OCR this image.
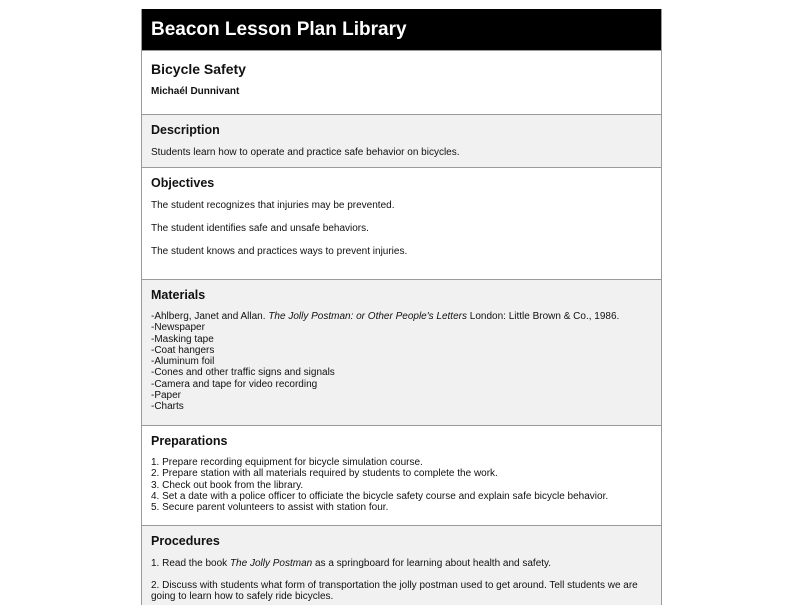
Beacon Lesson Plan Library
Bicycle Safety
Michaél Dunnivant
Description
Students learn how to operate and practice safe behavior on bicycles.
Objectives
The student recognizes that injuries may be prevented.
The student identifies safe and unsafe behaviors.
The student knows and practices ways to prevent injuries.
Materials
-Ahlberg, Janet and Allan. The Jolly Postman: or Other People's Letters London: Little Brown & Co., 1986.
-Newspaper
-Masking tape
-Coat hangers
-Aluminum foil
-Cones and other traffic signs and signals
-Camera and tape for video recording
-Paper
-Charts
Preparations
1. Prepare recording equipment for bicycle simulation course.
2. Prepare station with all materials required by students to complete the work.
3. Check out book from the library.
4. Set a date with a police officer to officiate the bicycle safety course and explain safe bicycle behavior.
5. Secure parent volunteers to assist with station four.
Procedures
1. Read the book The Jolly Postman as a springboard for learning about health and safety.
2. Discuss with students what form of transportation the jolly postman used to get around. Tell students we are
going to learn how to safely ride bicycles.
